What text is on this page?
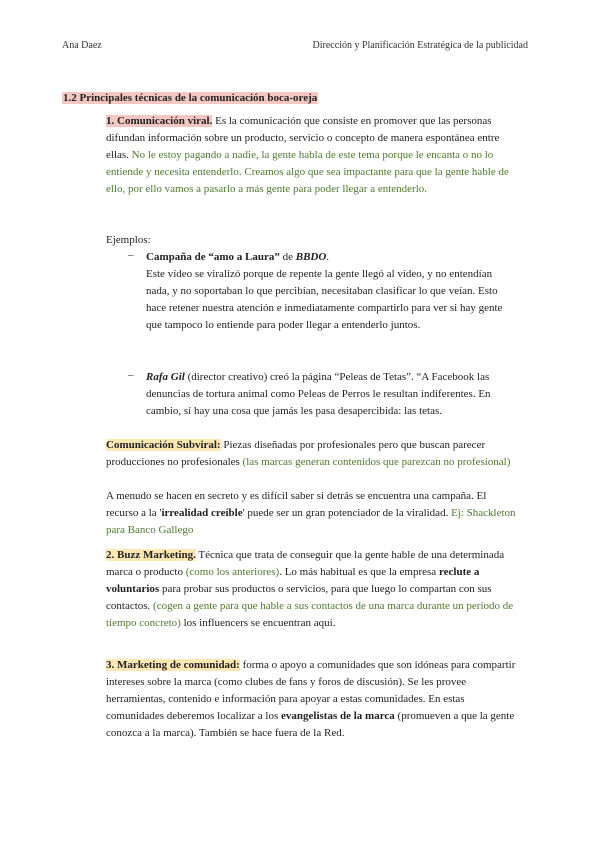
Ana Daez	Dirección y Planificación Estratégica de la publicidad
1.2 Principales técnicas de la comunicación boca-oreja
1. Comunicación viral. Es la comunicación que consiste en promover que las personas difundan información sobre un producto, servicio o concepto de manera espontánea entre ellas. No le estoy pagando a nadie, la gente habla de este tema porque le encanta o no lo entiende y necesita entenderlo. Creamos algo que sea impactante para que la gente hable de ello, por ello vamos a pasarlo a más gente para poder llegar a entenderlo.
Ejemplos:
– Campaña de “amo a Laura” de BBDO.
Este vídeo se viralizó porque de repente la gente llegó al vídeo, y no entendían nada, y no soportaban lo que percibían, necesitaban clasificar lo que veían. Esto hace retener nuestra atención e inmediatamente compartirlo para ver si hay gente que tampoco lo entiende para poder llegar a entenderlo juntos.
– Rafa Gil (director creativo) creó la página “Peleas de Tetas”. “A Facebook las denuncias de tortura animal como Peleas de Perros le resultan indiferentes. En cambio, sí hay una cosa que jamás les pasa desapercibida: las tetas.
Comunicación Subviral: Piezas diseñadas por profesionales pero que buscan parecer producciones no profesionales (las marcas generan contenidos que parezcan no profesional)
A menudo se hacen en secreto y es difícil saber si detrás se encuentra una campaña. El recurso a la 'irrealidad creíble' puede ser un gran potenciador de la viralidad. Ej: Shackleton para Banco Gallego
2. Buzz Marketing. Técnica que trata de conseguir que la gente hable de una determinada marca o producto (como los anteriores). Lo más habitual es que la empresa reclute a voluntarios para probar sus productos o servicios, para que luego lo compartan con sus contactos. (cogen a gente para que hable a sus contactos de una marca durante un periodo de tiempo concreto) los influencers se encuentran aquí.
3. Marketing de comunidad: forma o apoyo a comunidades que son idóneas para compartir intereses sobre la marca (como clubes de fans y foros de discusión). Se les provee herramientas, contenido e información para apoyar a estas comunidades. En estas comunidades deberemos localizar a los evangelistas de la marca (promueven a que la gente conozca a la marca). También se hace fuera de la Red.
